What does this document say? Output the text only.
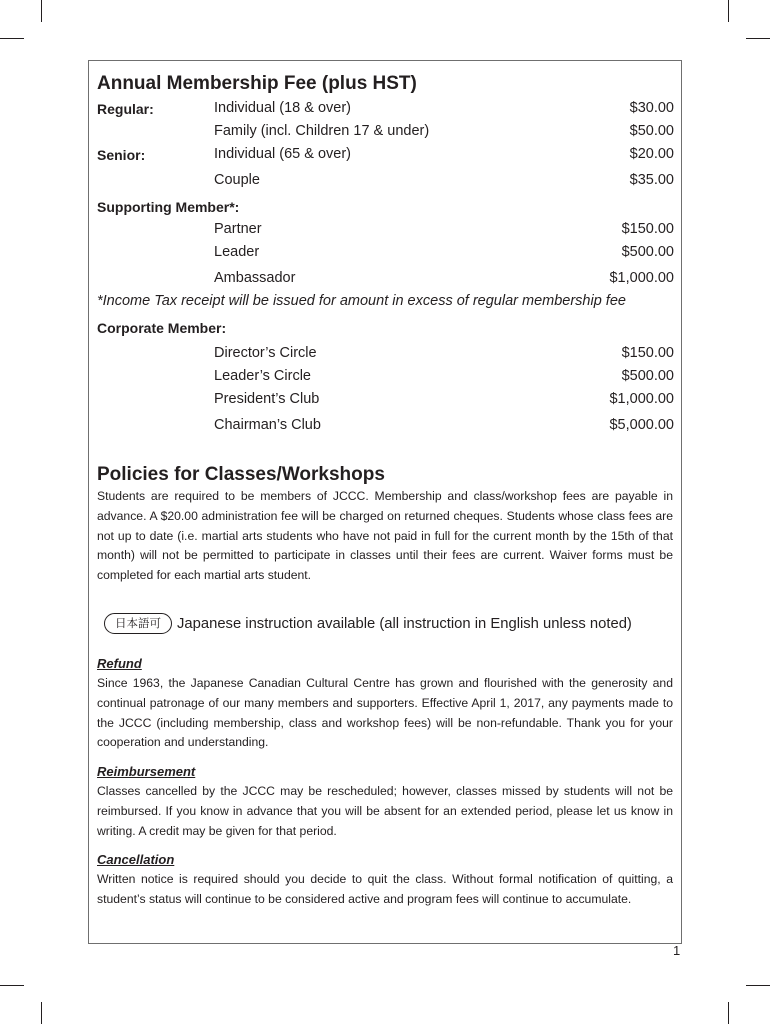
Annual Membership Fee (plus HST)
Regular:	Individual (18 & over)	$30.00
Family (incl. Children 17 & under)	$50.00
Senior:	Individual (65 & over)	$20.00
Couple	$35.00
Supporting Member*:
Partner	$150.00
Leader	$500.00
Ambassador	$1,000.00
*Income Tax receipt will be issued for amount in excess of regular membership fee
Corporate Member:
Director’s Circle	$150.00
Leader’s Circle	$500.00
President’s Club	$1,000.00
Chairman’s Club	$5,000.00
Policies for Classes/Workshops
Students are required to be members of JCCC. Membership and class/workshop fees are payable in advance. A $20.00 administration fee will be charged on returned cheques. Students whose class fees are not up to date (i.e. martial arts students who have not paid in full for the current month by the 15th of that month) will not be permitted to participate in classes until their fees are current. Waiver forms must be completed for each martial arts student.
日本語可	Japanese instruction available (all instruction in English unless noted)
Refund
Since 1963, the Japanese Canadian Cultural Centre has grown and flourished with the generosity and continual patronage of our many members and supporters. Effective April 1, 2017, any payments made to the JCCC (including membership, class and workshop fees) will be non-refundable. Thank you for your cooperation and understanding.
Reimbursement
Classes cancelled by the JCCC may be rescheduled; however, classes missed by students will not be reimbursed. If you know in advance that you will be absent for an extended period, please let us know in writing. A credit may be given for that period.
Cancellation
Written notice is required should you decide to quit the class. Without formal notification of quitting, a student’s status will continue to be considered active and program fees will continue to accumulate.
1
